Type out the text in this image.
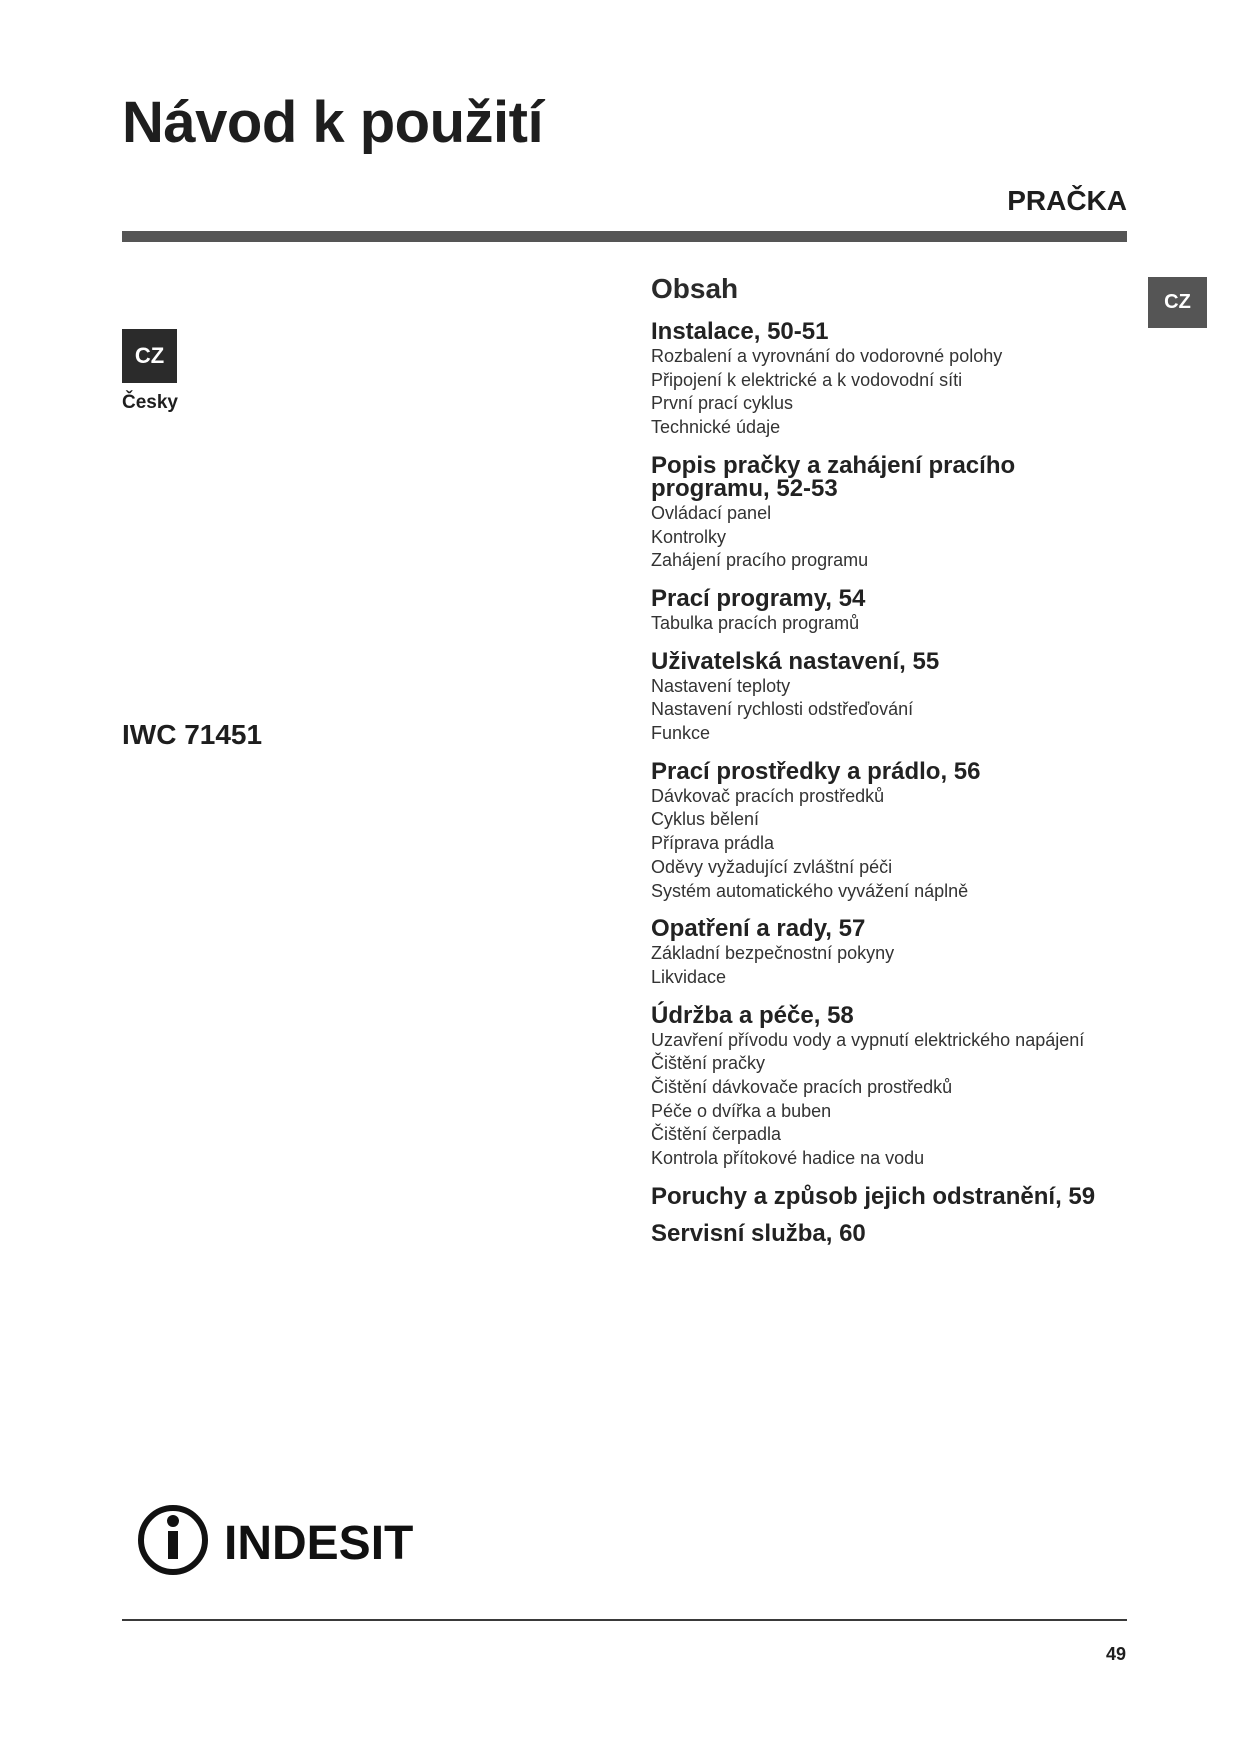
Návod k použití
PRAČKA
CZ
Česky
CZ
IWC 71451
Obsah
Instalace, 50-51
Rozbalení a vyrovnání do vodorovné polohy
Připojení k elektrické a k vodovodní síti
První prací cyklus
Technické údaje
Popis pračky a zahájení pracího programu, 52-53
Ovládací panel
Kontrolky
Zahájení pracího programu
Prací programy, 54
Tabulka pracích programů
Uživatelská nastavení, 55
Nastavení teploty
Nastavení rychlosti odstřeďování
Funkce
Prací prostředky a prádlo, 56
Dávkovač pracích prostředků
Cyklus bělení
Příprava prádla
Oděvy vyžadující zvláštní péči
Systém automatického vyvážení náplně
Opatření a rady, 57
Základní bezpečnostní pokyny
Likvidace
Údržba a péče, 58
Uzavření přívodu vody a vypnutí elektrického napájení
Čištění pračky
Čištění dávkovače pracích prostředků
Péče o dvířka a buben
Čištění čerpadla
Kontrola přítokové hadice na vodu
Poruchy a způsob jejich odstranění, 59
Servisní služba, 60
INDESIT
49
